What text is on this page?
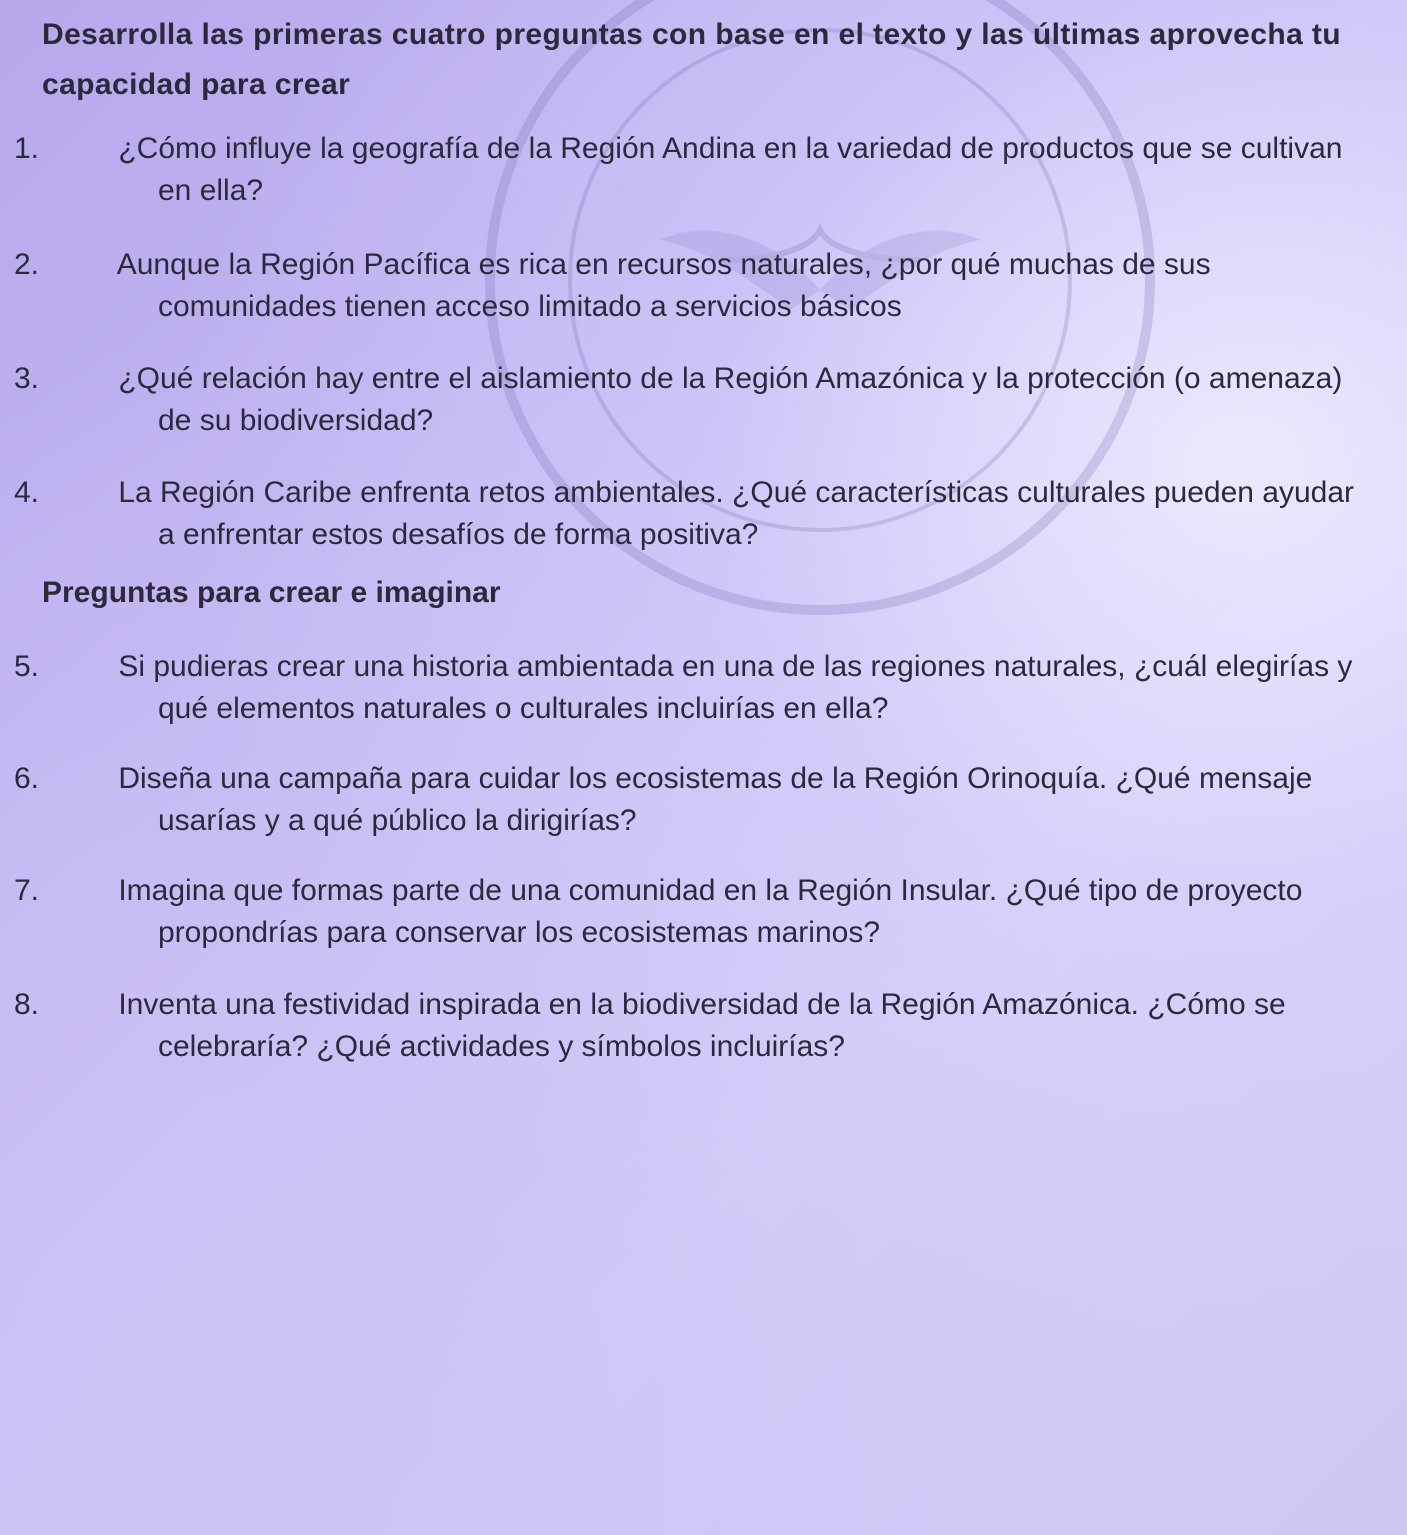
Desarrolla las primeras cuatro preguntas con base en el texto y las últimas aprovecha tu capacidad para crear
1.	¿Cómo influye la geografía de la Región Andina en la variedad de productos que se cultivan en ella?
2.	Aunque la Región Pacífica es rica en recursos naturales, ¿por qué muchas de sus comunidades tienen acceso limitado a servicios básicos
3.	¿Qué relación hay entre el aislamiento de la Región Amazónica y la protección (o amenaza) de su biodiversidad?
4.	La Región Caribe enfrenta retos ambientales. ¿Qué características culturales pueden ayudar a enfrentar estos desafíos de forma positiva?
Preguntas para crear e imaginar
5.	Si pudieras crear una historia ambientada en una de las regiones naturales, ¿cuál elegirías y qué elementos naturales o culturales incluirías en ella?
6.	Diseña una campaña para cuidar los ecosistemas de la Región Orinoquía. ¿Qué mensaje usarías y a qué público la dirigirías?
7.	Imagina que formas parte de una comunidad en la Región Insular. ¿Qué tipo de proyecto propondrías para conservar los ecosistemas marinos?
8.	Inventa una festividad inspirada en la biodiversidad de la Región Amazónica. ¿Cómo se celebraría? ¿Qué actividades y símbolos incluirías?
